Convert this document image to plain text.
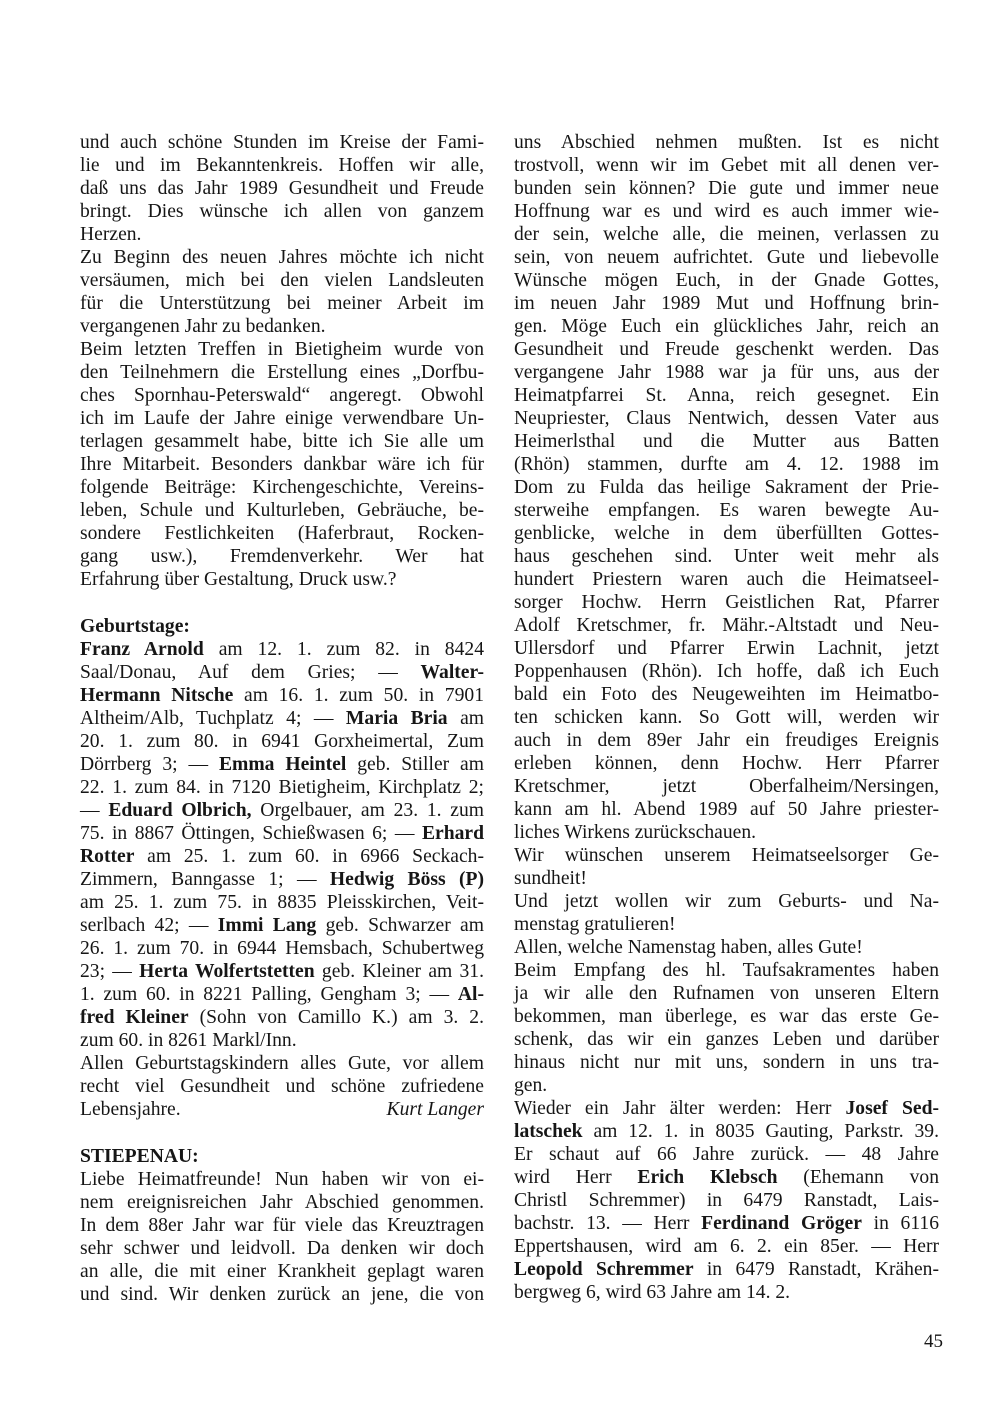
und auch schöne Stunden im Kreise der Fami-
lie und im Bekanntenkreis. Hoffen wir alle,
daß uns das Jahr 1989 Gesundheit und Freude
bringt. Dies wünsche ich allen von ganzem
Herzen.
Zu Beginn des neuen Jahres möchte ich nicht
versäumen, mich bei den vielen Landsleuten
für die Unterstützung bei meiner Arbeit im
vergangenen Jahr zu bedanken.
Beim letzten Treffen in Bietigheim wurde von
den Teilnehmern die Erstellung eines „Dorfbu-
ches Spornhau-Peterswald“ angeregt. Obwohl
ich im Laufe der Jahre einige verwendbare Un-
terlagen gesammelt habe, bitte ich Sie alle um
Ihre Mitarbeit. Besonders dankbar wäre ich für
folgende Beiträge: Kirchengeschichte, Vereins-
leben, Schule und Kulturleben, Gebräuche, be-
sondere Festlichkeiten (Haferbraut, Rocken-
gang usw.), Fremdenverkehr. Wer hat
Erfahrung über Gestaltung, Druck usw.?
Geburtstage:
Franz Arnold am 12. 1. zum 82. in 8424
Saal/Donau, Auf dem Gries; — Walter-
Hermann Nitsche am 16. 1. zum 50. in 7901
Altheim/Alb, Tuchplatz 4; — Maria Bria am
20. 1. zum 80. in 6941 Gorxheimertal, Zum
Dörrberg 3; — Emma Heintel geb. Stiller am
22. 1. zum 84. in 7120 Bietigheim, Kirchplatz 2;
— Eduard Olbrich, Orgelbauer, am 23. 1. zum
75. in 8867 Öttingen, Schießwasen 6; — Erhard
Rotter am 25. 1. zum 60. in 6966 Seckach-
Zimmern, Banngasse 1; — Hedwig Böss (P)
am 25. 1. zum 75. in 8835 Pleisskirchen, Veit-
serlbach 42; — Immi Lang geb. Schwarzer am
26. 1. zum 70. in 6944 Hemsbach, Schubertweg
23; — Herta Wolfertstetten geb. Kleiner am 31.
1. zum 60. in 8221 Palling, Gengham 3; — Al-
fred Kleiner (Sohn von Camillo K.) am 3. 2.
zum 60. in 8261 Markl/Inn.
Allen Geburtstagskindern alles Gute, vor allem
recht viel Gesundheit und schöne zufriedene
Lebensjahre.	Kurt Langer
STIEPENAU:
Liebe Heimatfreunde! Nun haben wir von ei-
nem ereignisreichen Jahr Abschied genommen.
In dem 88er Jahr war für viele das Kreuztragen
sehr schwer und leidvoll. Da denken wir doch
an alle, die mit einer Krankheit geplagt waren
und sind. Wir denken zurück an jene, die von
uns Abschied nehmen mußten. Ist es nicht
trostvoll, wenn wir im Gebet mit all denen ver-
bunden sein können? Die gute und immer neue
Hoffnung war es und wird es auch immer wie-
der sein, welche alle, die meinen, verlassen zu
sein, von neuem aufrichtet. Gute und liebevolle
Wünsche mögen Euch, in der Gnade Gottes,
im neuen Jahr 1989 Mut und Hoffnung brin-
gen. Möge Euch ein glückliches Jahr, reich an
Gesundheit und Freude geschenkt werden. Das
vergangene Jahr 1988 war ja für uns, aus der
Heimatpfarrei St. Anna, reich gesegnet. Ein
Neupriester, Claus Nentwich, dessen Vater aus
Heimerlsthal und die Mutter aus Batten
(Rhön) stammen, durfte am 4. 12. 1988 im
Dom zu Fulda das heilige Sakrament der Prie-
sterweihe empfangen. Es waren bewegte Au-
genblicke, welche in dem überfüllten Gottes-
haus geschehen sind. Unter weit mehr als
hundert Priestern waren auch die Heimatseel-
sorger Hochw. Herrn Geistlichen Rat, Pfarrer
Adolf Kretschmer, fr. Mähr.-Altstadt und Neu-
Ullersdorf und Pfarrer Erwin Lachnit, jetzt
Poppenhausen (Rhön). Ich hoffe, daß ich Euch
bald ein Foto des Neugeweihten im Heimatbo-
ten schicken kann. So Gott will, werden wir
auch in dem 89er Jahr ein freudiges Ereignis
erleben können, denn Hochw. Herr Pfarrer
Kretschmer, jetzt Oberfalheim/Nersingen,
kann am hl. Abend 1989 auf 50 Jahre priester-
liches Wirkens zurückschauen.
Wir wünschen unserem Heimatseelsorger Ge-
sundheit!
Und jetzt wollen wir zum Geburts- und Na-
menstag gratulieren!
Allen, welche Namenstag haben, alles Gute!
Beim Empfang des hl. Taufsakramentes haben
ja wir alle den Rufnamen von unseren Eltern
bekommen, man überlege, es war das erste Ge-
schenk, das wir ein ganzes Leben und darüber
hinaus nicht nur mit uns, sondern in uns tra-
gen.
Wieder ein Jahr älter werden: Herr Josef Sed-
latschek am 12. 1. in 8035 Gauting, Parkstr. 39.
Er schaut auf 66 Jahre zurück. — 48 Jahre
wird Herr Erich Klebsch (Ehemann von
Christl Schremmer) in 6479 Ranstadt, Lais-
bachstr. 13. — Herr Ferdinand Gröger in 6116
Eppertshausen, wird am 6. 2. ein 85er. — Herr
Leopold Schremmer in 6479 Ranstadt, Krähen-
bergweg 6, wird 63 Jahre am 14. 2.
45
